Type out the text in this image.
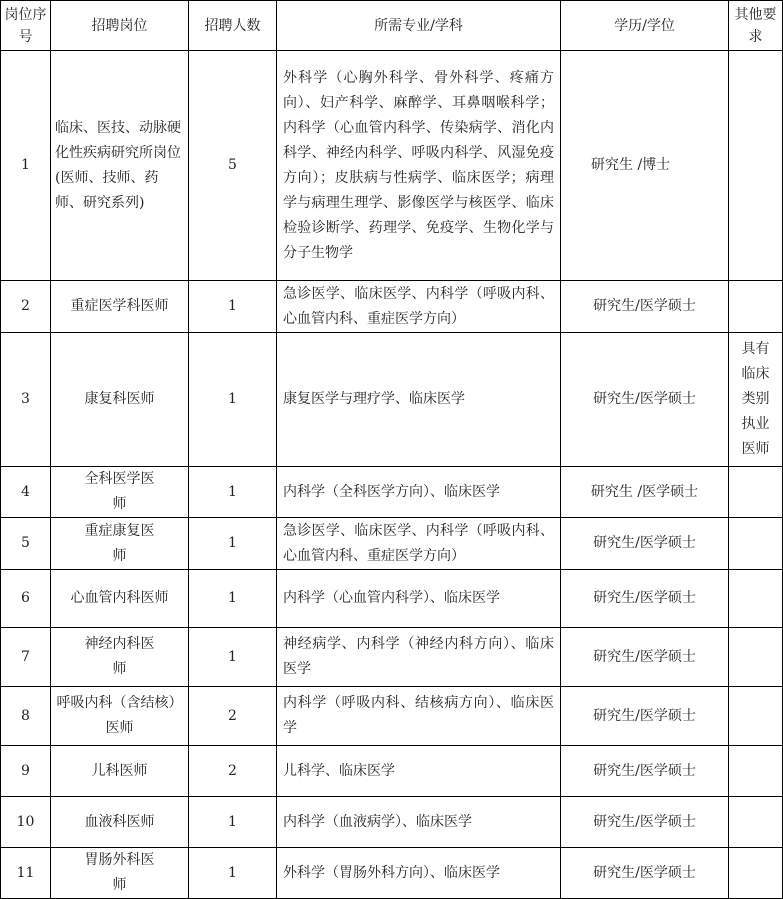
岗位序号	招聘岗位	招聘人数	所需专业/学科	学历/学位	其他要求
1	临床、医技、动脉硬化性疾病研究所岗位(医师、技师、药师、研究系列)	5	外科学（心胸外科学、骨外科学、疼痛方向）、妇产科学、麻醉学、耳鼻咽喉科学；内科学（心血管内科学、传染病学、消化内科学、神经内科学、呼吸内科学、风湿免疫方向）；皮肤病与性病学、临床医学；病理学与病理生理学、影像医学与核医学、临床检验诊断学、药理学、免疫学、生物化学与分子生物学	研究生 /博士	
2	重症医学科医师	1	急诊医学、临床医学、内科学（呼吸内科、心血管内科、重症医学方向）	研究生/医学硕士	
3	康复科医师	1	康复医学与理疗学、临床医学	研究生/医学硕士	具有临床类别执业医师
4	全科医学医师	1	内科学（全科医学方向）、临床医学	研究生 /医学硕士	
5	重症康复医师	1	急诊医学、临床医学、内科学（呼吸内科、心血管内科、重症医学方向）	研究生/医学硕士	
6	心血管内科医师	1	内科学（心血管内科学）、临床医学	研究生/医学硕士	
7	神经内科医师	1	神经病学、内科学（神经内科方向）、临床医学	研究生/医学硕士	
8	呼吸内科（含结核）医师	2	内科学（呼吸内科、结核病方向）、临床医学	研究生/医学硕士	
9	儿科医师	2	儿科学、临床医学	研究生/医学硕士	
10	血液科医师	1	内科学（血液病学）、临床医学	研究生/医学硕士	
11	胃肠外科医师	1	外科学（胃肠外科方向）、临床医学	研究生/医学硕士	
